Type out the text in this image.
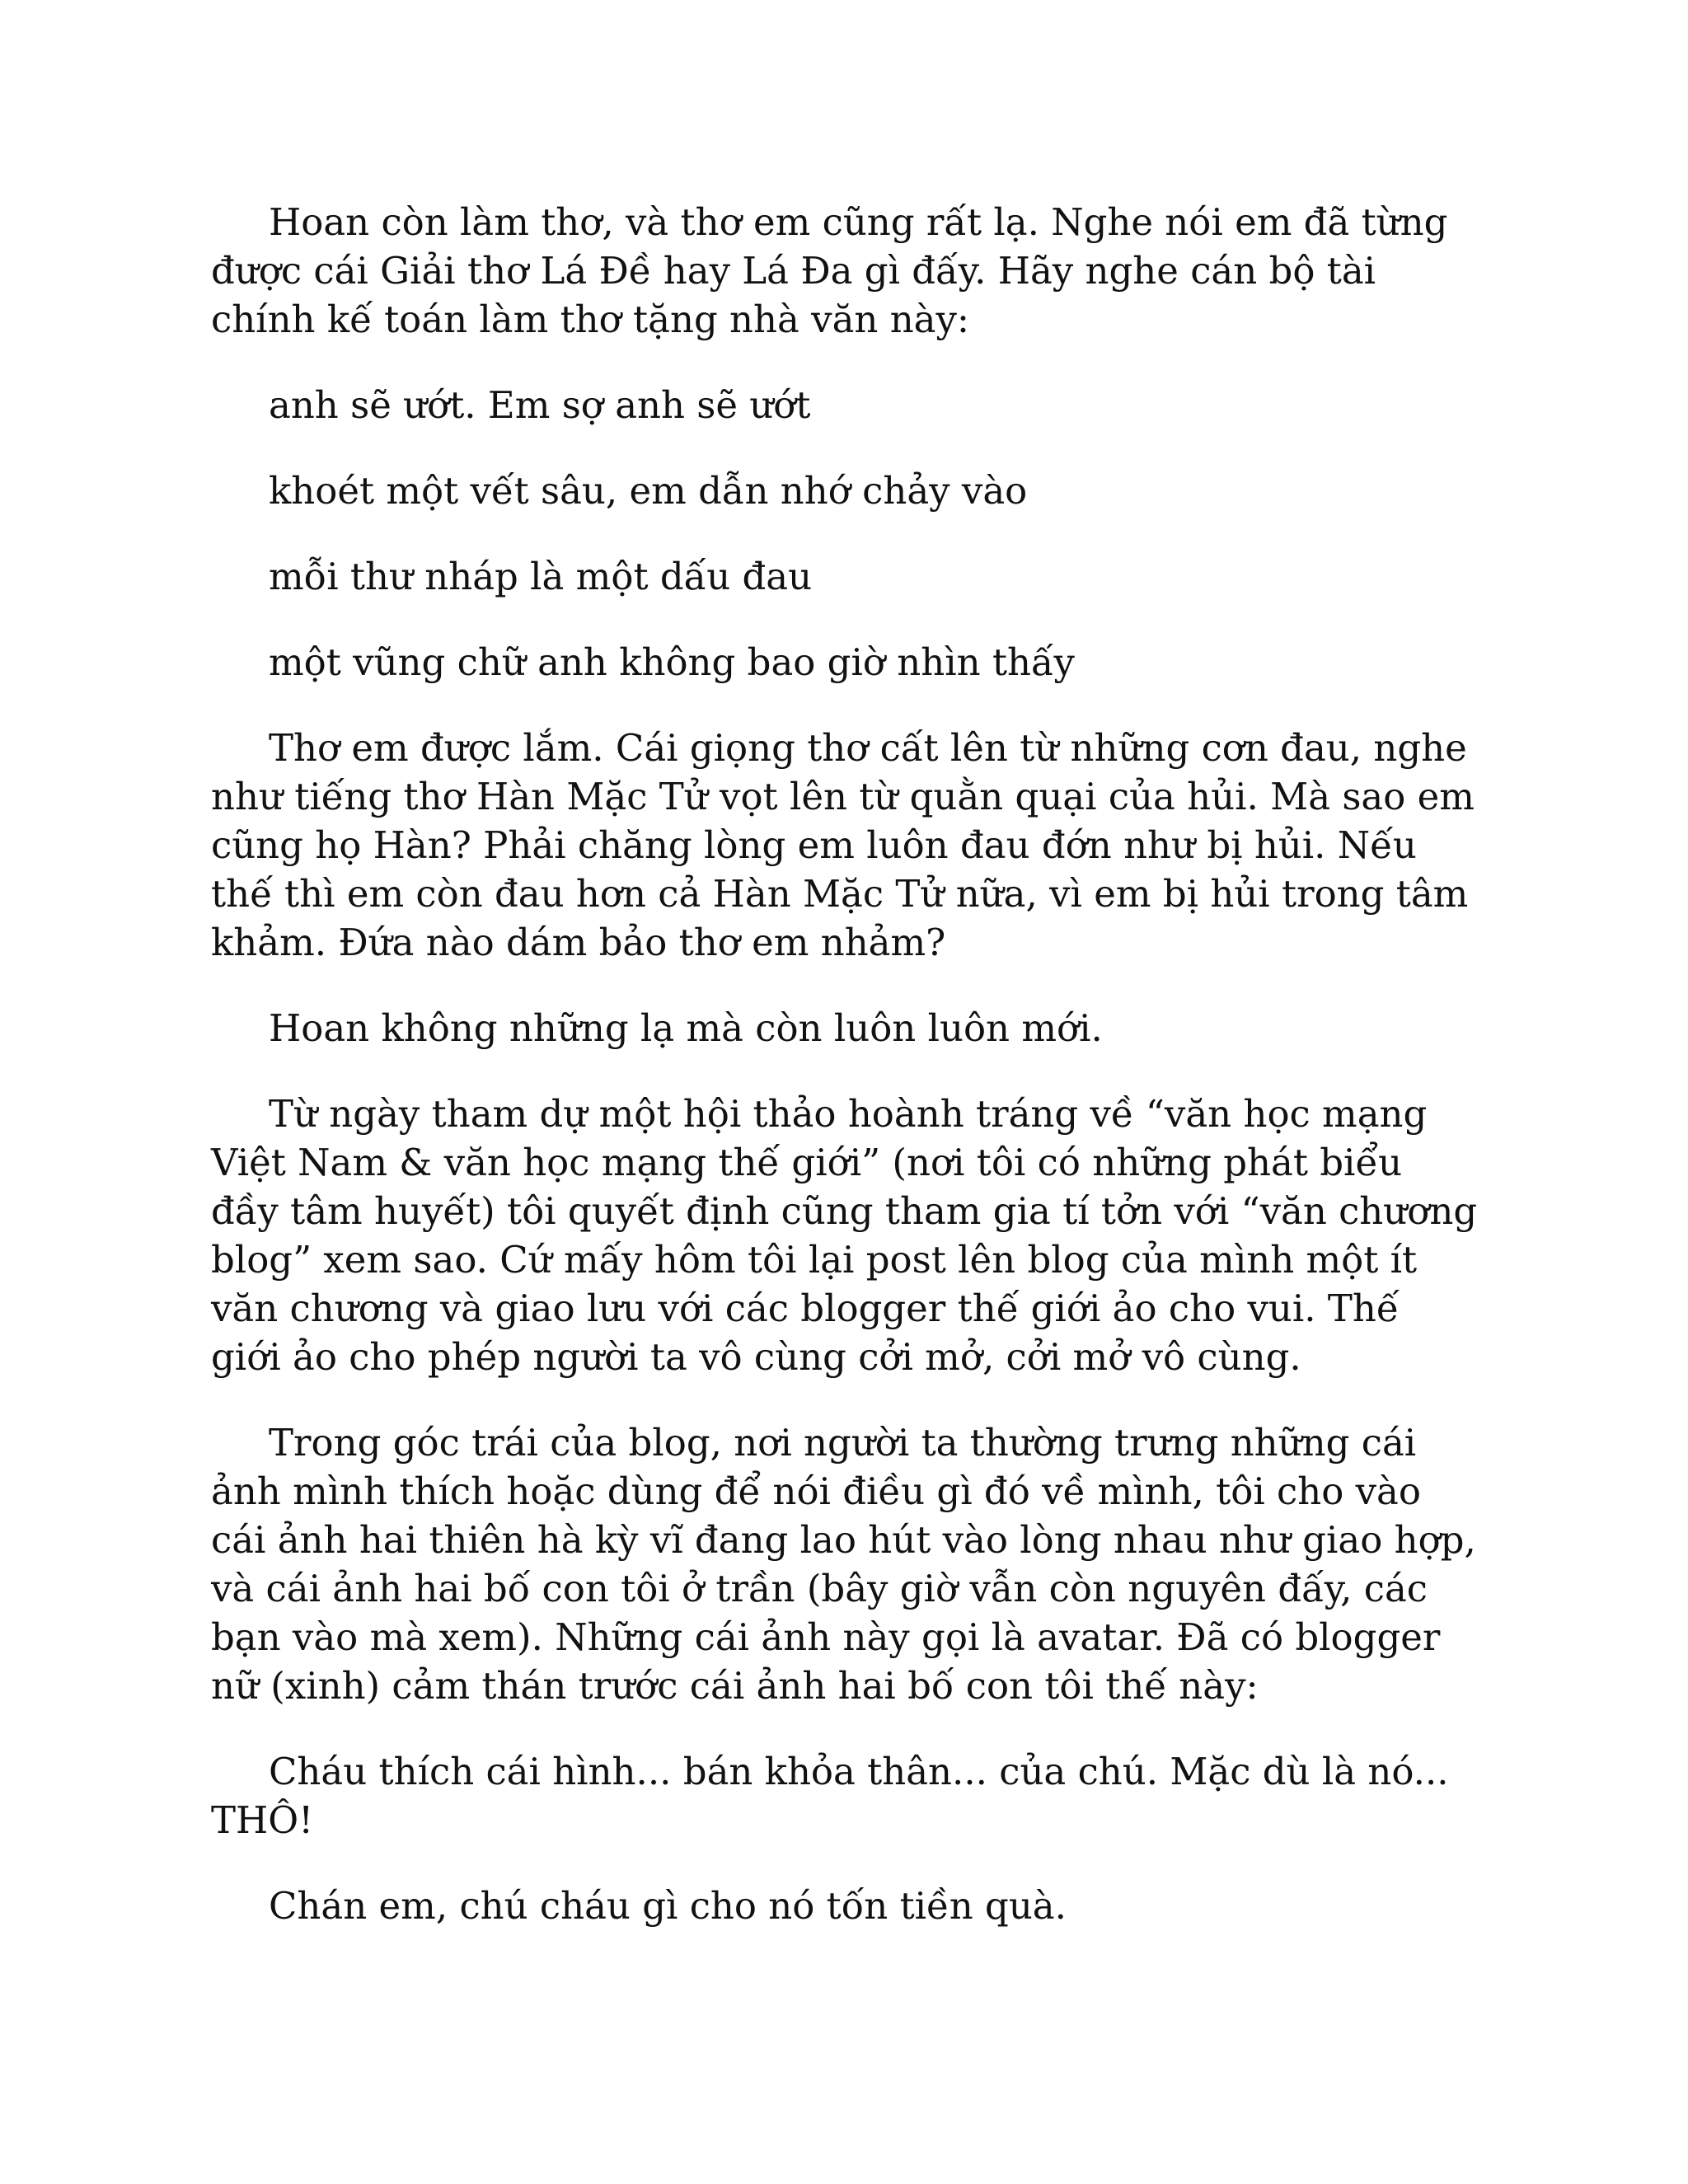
Hoan còn làm thơ, và thơ em cũng rất lạ. Nghe nói em đã từng được cái Giải thơ Lá Đề hay Lá Đa gì đấy. Hãy nghe cán bộ tài chính kế toán làm thơ tặng nhà văn này:

anh sẽ ướt. Em sợ anh sẽ ướt
khoét một vết sâu, em dẫn nhớ chảy vào
mỗi thư nháp là một dấu đau
một vũng chữ anh không bao giờ nhìn thấy

Thơ em được lắm. Cái giọng thơ cất lên từ những cơn đau, nghe như tiếng thơ Hàn Mặc Tử vọt lên từ quằn quại của hủi. Mà sao em cũng họ Hàn? Phải chăng lòng em luôn đau đớn như bị hủi. Nếu thế thì em còn đau hơn cả Hàn Mặc Tử nữa, vì em bị hủi trong tâm khảm. Đứa nào dám bảo thơ em nhảm?

Hoan không những lạ mà còn luôn luôn mới.

Từ ngày tham dự một hội thảo hoành tráng về “văn học mạng Việt Nam & văn học mạng thế giới” (nơi tôi có những phát biểu đầy tâm huyết) tôi quyết định cũng tham gia tí tởn với “văn chương blog” xem sao. Cứ mấy hôm tôi lại post lên blog của mình một ít văn chương và giao lưu với các blogger thế giới ảo cho vui. Thế giới ảo cho phép người ta vô cùng cởi mở, cởi mở vô cùng.

Trong góc trái của blog, nơi người ta thường trưng những cái ảnh mình thích hoặc dùng để nói điều gì đó về mình, tôi cho vào cái ảnh hai thiên hà kỳ vĩ đang lao hút vào lòng nhau như giao hợp, và cái ảnh hai bố con tôi ở trần (bây giờ vẫn còn nguyên đấy, các bạn vào mà xem). Những cái ảnh này gọi là avatar. Đã có blogger nữ (xinh) cảm thán trước cái ảnh hai bố con tôi thế này:

Cháu thích cái hình... bán khỏa thân... của chú. Mặc dù là nó... THÔ!

Chán em, chú cháu gì cho nó tốn tiền quà.
